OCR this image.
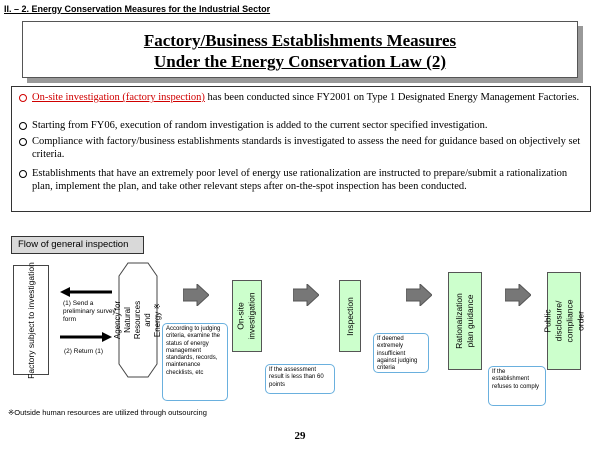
II. – 2. Energy Conservation Measures for the Industrial Sector
Factory/Business Establishments Measures
Under the Energy Conservation Law (2)
On-site investigation (factory inspection) has been conducted since FY2001 on Type 1 Designated Energy Management Factories.
Starting from FY06, execution of random investigation is added to the current sector specified investigation.
Compliance with factory/business establishments standards is investigated to assess the need for guidance based on objectively set criteria.
Establishments that have an extremely poor level of energy use rationalization are instructed to prepare/submit a rationalization plan, implement the plan, and take other relevant steps after on-the-spot inspection has been conducted.
Flow of general inspection
Factory subject to investigation	(1) Send a preliminary survey form
(2) Return (1)
Agency for Natural Resources and Energy ※	On-site investigation	Inspection	Rationalization plan guidance	Public disclosure/ compliance order
According to judging criteria, examine the status of energy management standards, records, maintenance checklists, etc	If the assessment result is less than 60 points
If deemed extremely insufficient against judging criteria
If the establishment refuses to comply
※Outside human resources are utilized through outsourcing
29
